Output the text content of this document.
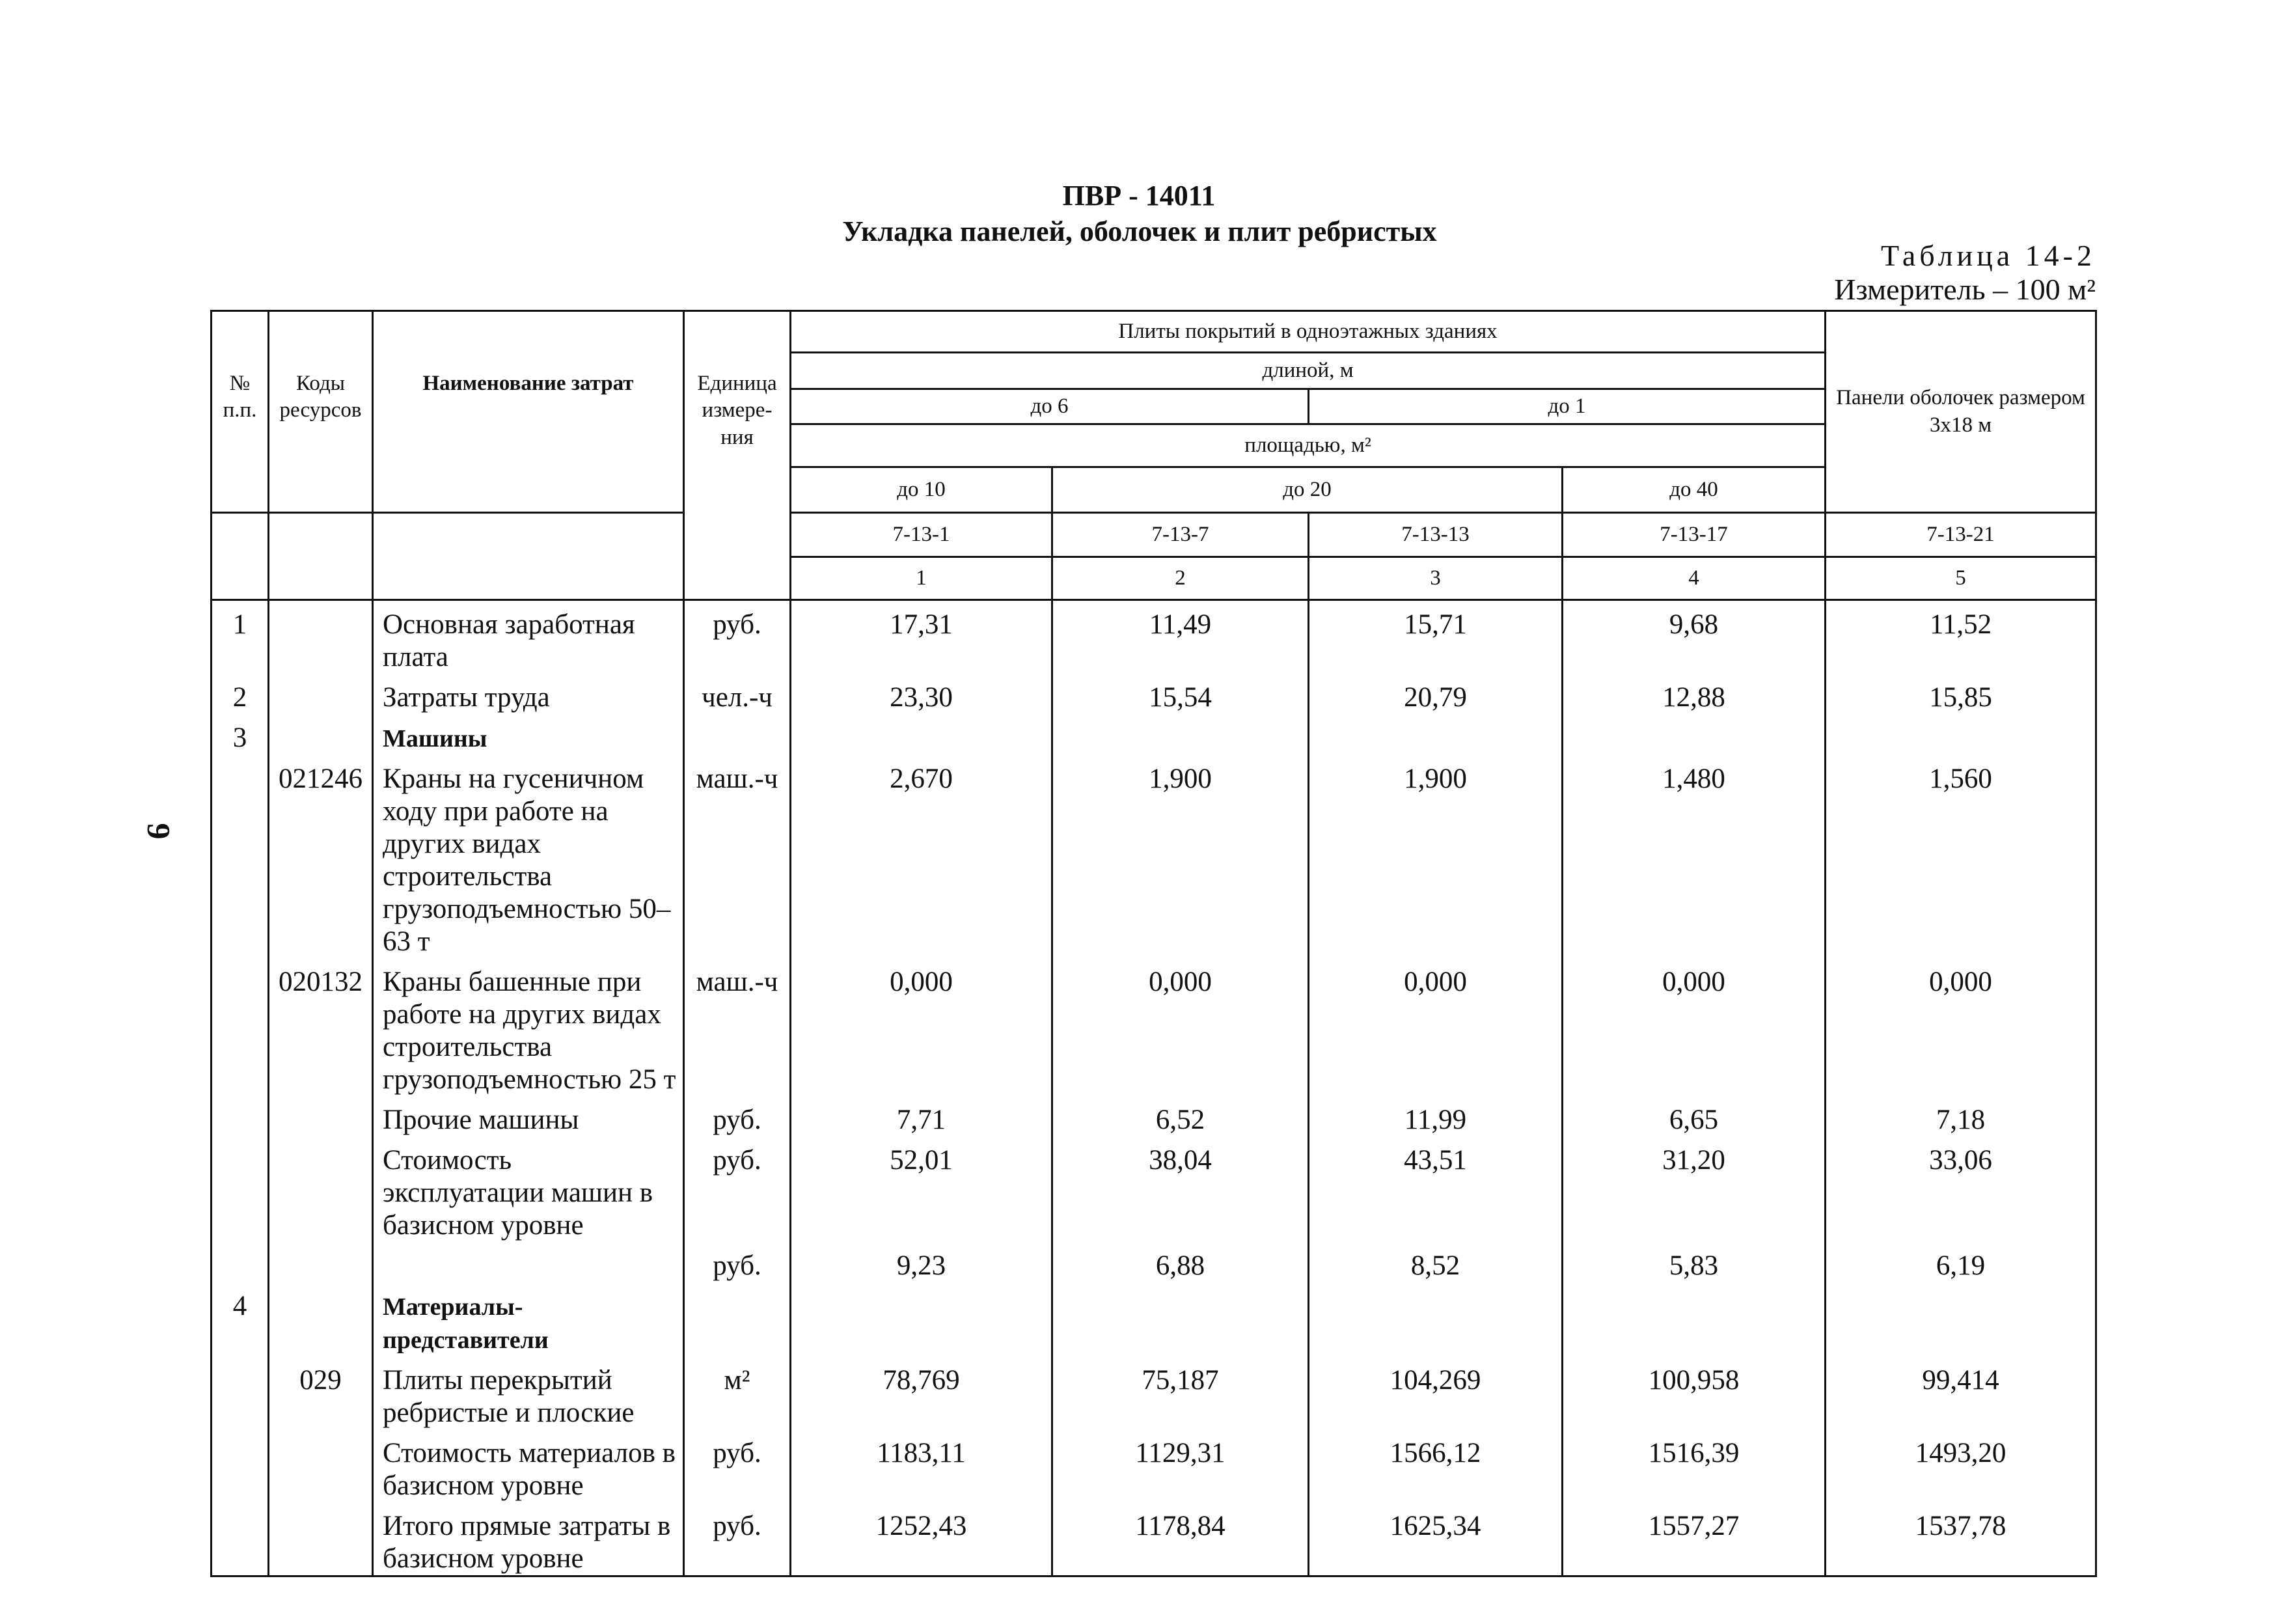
9
ПВР - 14011
Укладка панелей, оболочек и плит ребристых
Таблица 14-2
Измеритель – 100 м²
№ п.п.	Коды ресурсов	Наименование затрат	Единица измере- ния	Плиты покрытий в одноэтажных зданиях				Панели оболочек размером 3х18 м
				длиной, м				
				до 6		до 1		
				площадью, м²				
				до 10	до 20		до 40	
				7-13-1	7-13-7	7-13-13	7-13-17	7-13-21
				1	2	3	4	5
1		Основная заработная плата	руб.	17,31	11,49	15,71	9,68	11,52
2		Затраты труда	чел.-ч	23,30	15,54	20,79	12,88	15,85
3		Машины						
	021246	Краны на гусеничном ходу при работе на других видах строительства грузоподъемностью 50–63 т	маш.-ч	2,670	1,900	1,900	1,480	1,560
	020132	Краны башенные при работе на других видах строительства грузоподъемностью 25 т	маш.-ч	0,000	0,000	0,000	0,000	0,000
		Прочие машины	руб.	7,71	6,52	11,99	6,65	7,18
		Стоимость эксплуатации машин в базисном уровне	руб.	52,01	38,04	43,51	31,20	33,06
			руб.	9,23	6,88	8,52	5,83	6,19
4		Материалы-представители						
	029	Плиты перекрытий ребристые и плоские	м²	78,769	75,187	104,269	100,958	99,414
		Стоимость материалов в базисном уровне	руб.	1183,11	1129,31	1566,12	1516,39	1493,20
		Итого прямые затраты в базисном уровне	руб.	1252,43	1178,84	1625,34	1557,27	1537,78
